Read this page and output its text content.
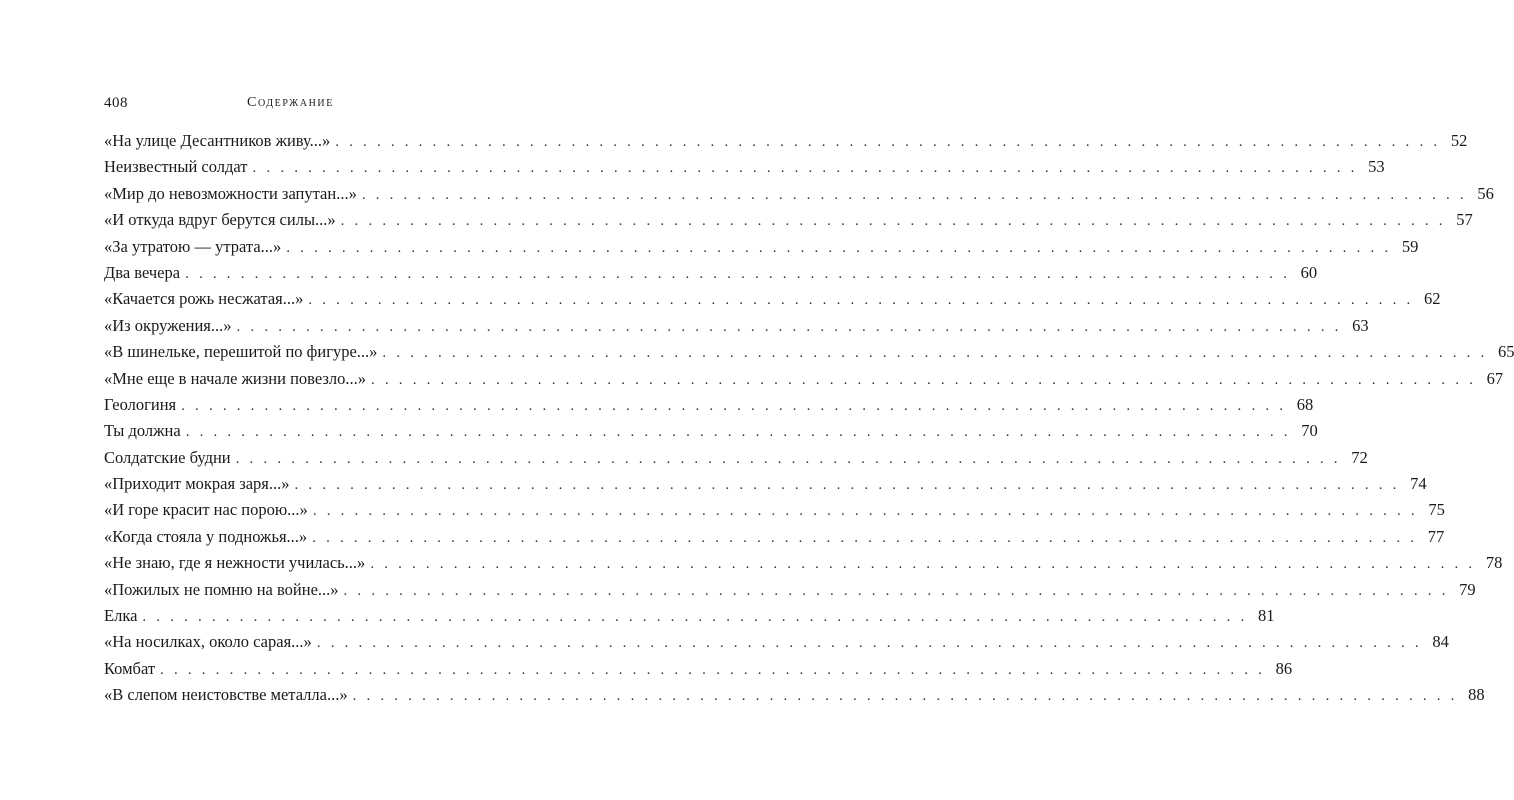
408	Содержание
«На улице Десантников живу...» . . . . . . . . . . . . . . . . . . . . . . . . . . . . . . . . . . . . . . . . . . . . . . . . . . . . . . . . . . . . . . . . . . . . . . . . . . . . . . . . 52
Неизвестный солдат . . . . . . . . . . . . . . . . . . . . . . . . . . . . . . . . . . . . . . . . . . . . . . . . . . . . . . . . . . . . . . . . . . . . . . . . . . . . . . . . 53
«Мир до невозможности запутан...» . . . . . . . . . . . . . . . . . . . . . . . . . . . . . . . . . . . . . . . . . . . . . . . . . . . . . . . . . . . . . . . . . . . . . . . . . . . . . . . . 56
«И откуда вдруг берутся силы...» . . . . . . . . . . . . . . . . . . . . . . . . . . . . . . . . . . . . . . . . . . . . . . . . . . . . . . . . . . . . . . . . . . . . . . . . . . . . . . . . 57
«За утратою — утрата...» . . . . . . . . . . . . . . . . . . . . . . . . . . . . . . . . . . . . . . . . . . . . . . . . . . . . . . . . . . . . . . . . . . . . . . . . . . . . . . . . 59
Два вечера . . . . . . . . . . . . . . . . . . . . . . . . . . . . . . . . . . . . . . . . . . . . . . . . . . . . . . . . . . . . . . . . . . . . . . . . . . . . . . . . 60
«Качается рожь несжатая...» . . . . . . . . . . . . . . . . . . . . . . . . . . . . . . . . . . . . . . . . . . . . . . . . . . . . . . . . . . . . . . . . . . . . . . . . . . . . . . . . 62
«Из окружения...» . . . . . . . . . . . . . . . . . . . . . . . . . . . . . . . . . . . . . . . . . . . . . . . . . . . . . . . . . . . . . . . . . . . . . . . . . . . . . . . . 63
«В шинельке, перешитой по фигуре...» . . . . . . . . . . . . . . . . . . . . . . . . . . . . . . . . . . . . . . . . . . . . . . . . . . . . . . . . . . . . . . . . . . . . . . . . . . . . . . . . 65
«Мне еще в начале жизни повезло...» . . . . . . . . . . . . . . . . . . . . . . . . . . . . . . . . . . . . . . . . . . . . . . . . . . . . . . . . . . . . . . . . . . . . . . . . . . . . . . . . 67
Геологиня . . . . . . . . . . . . . . . . . . . . . . . . . . . . . . . . . . . . . . . . . . . . . . . . . . . . . . . . . . . . . . . . . . . . . . . . . . . . . . . . 68
Ты должна . . . . . . . . . . . . . . . . . . . . . . . . . . . . . . . . . . . . . . . . . . . . . . . . . . . . . . . . . . . . . . . . . . . . . . . . . . . . . . . . 70
Солдатские будни . . . . . . . . . . . . . . . . . . . . . . . . . . . . . . . . . . . . . . . . . . . . . . . . . . . . . . . . . . . . . . . . . . . . . . . . . . . . . . . . 72
«Приходит мокрая заря...» . . . . . . . . . . . . . . . . . . . . . . . . . . . . . . . . . . . . . . . . . . . . . . . . . . . . . . . . . . . . . . . . . . . . . . . . . . . . . . . . 74
«И горе красит нас порою...» . . . . . . . . . . . . . . . . . . . . . . . . . . . . . . . . . . . . . . . . . . . . . . . . . . . . . . . . . . . . . . . . . . . . . . . . . . . . . . . . 75
«Когда стояла у подножья...» . . . . . . . . . . . . . . . . . . . . . . . . . . . . . . . . . . . . . . . . . . . . . . . . . . . . . . . . . . . . . . . . . . . . . . . . . . . . . . . . 77
«Не знаю, где я нежности училась...» . . . . . . . . . . . . . . . . . . . . . . . . . . . . . . . . . . . . . . . . . . . . . . . . . . . . . . . . . . . . . . . . . . . . . . . . . . . . . . . . 78
«Пожилых не помню на войне...» . . . . . . . . . . . . . . . . . . . . . . . . . . . . . . . . . . . . . . . . . . . . . . . . . . . . . . . . . . . . . . . . . . . . . . . . . . . . . . . . 79
Елка . . . . . . . . . . . . . . . . . . . . . . . . . . . . . . . . . . . . . . . . . . . . . . . . . . . . . . . . . . . . . . . . . . . . . . . . . . . . . . . . 81
«На носилках, около сарая...» . . . . . . . . . . . . . . . . . . . . . . . . . . . . . . . . . . . . . . . . . . . . . . . . . . . . . . . . . . . . . . . . . . . . . . . . . . . . . . . . 84
Комбат . . . . . . . . . . . . . . . . . . . . . . . . . . . . . . . . . . . . . . . . . . . . . . . . . . . . . . . . . . . . . . . . . . . . . . . . . . . . . . . . 86
«В слепом неистовстве металла...» . . . . . . . . . . . . . . . . . . . . . . . . . . . . . . . . . . . . . . . . . . . . . . . . . . . . . . . . . . . . . . . . . . . . . . . . . . . . . . . . 88
